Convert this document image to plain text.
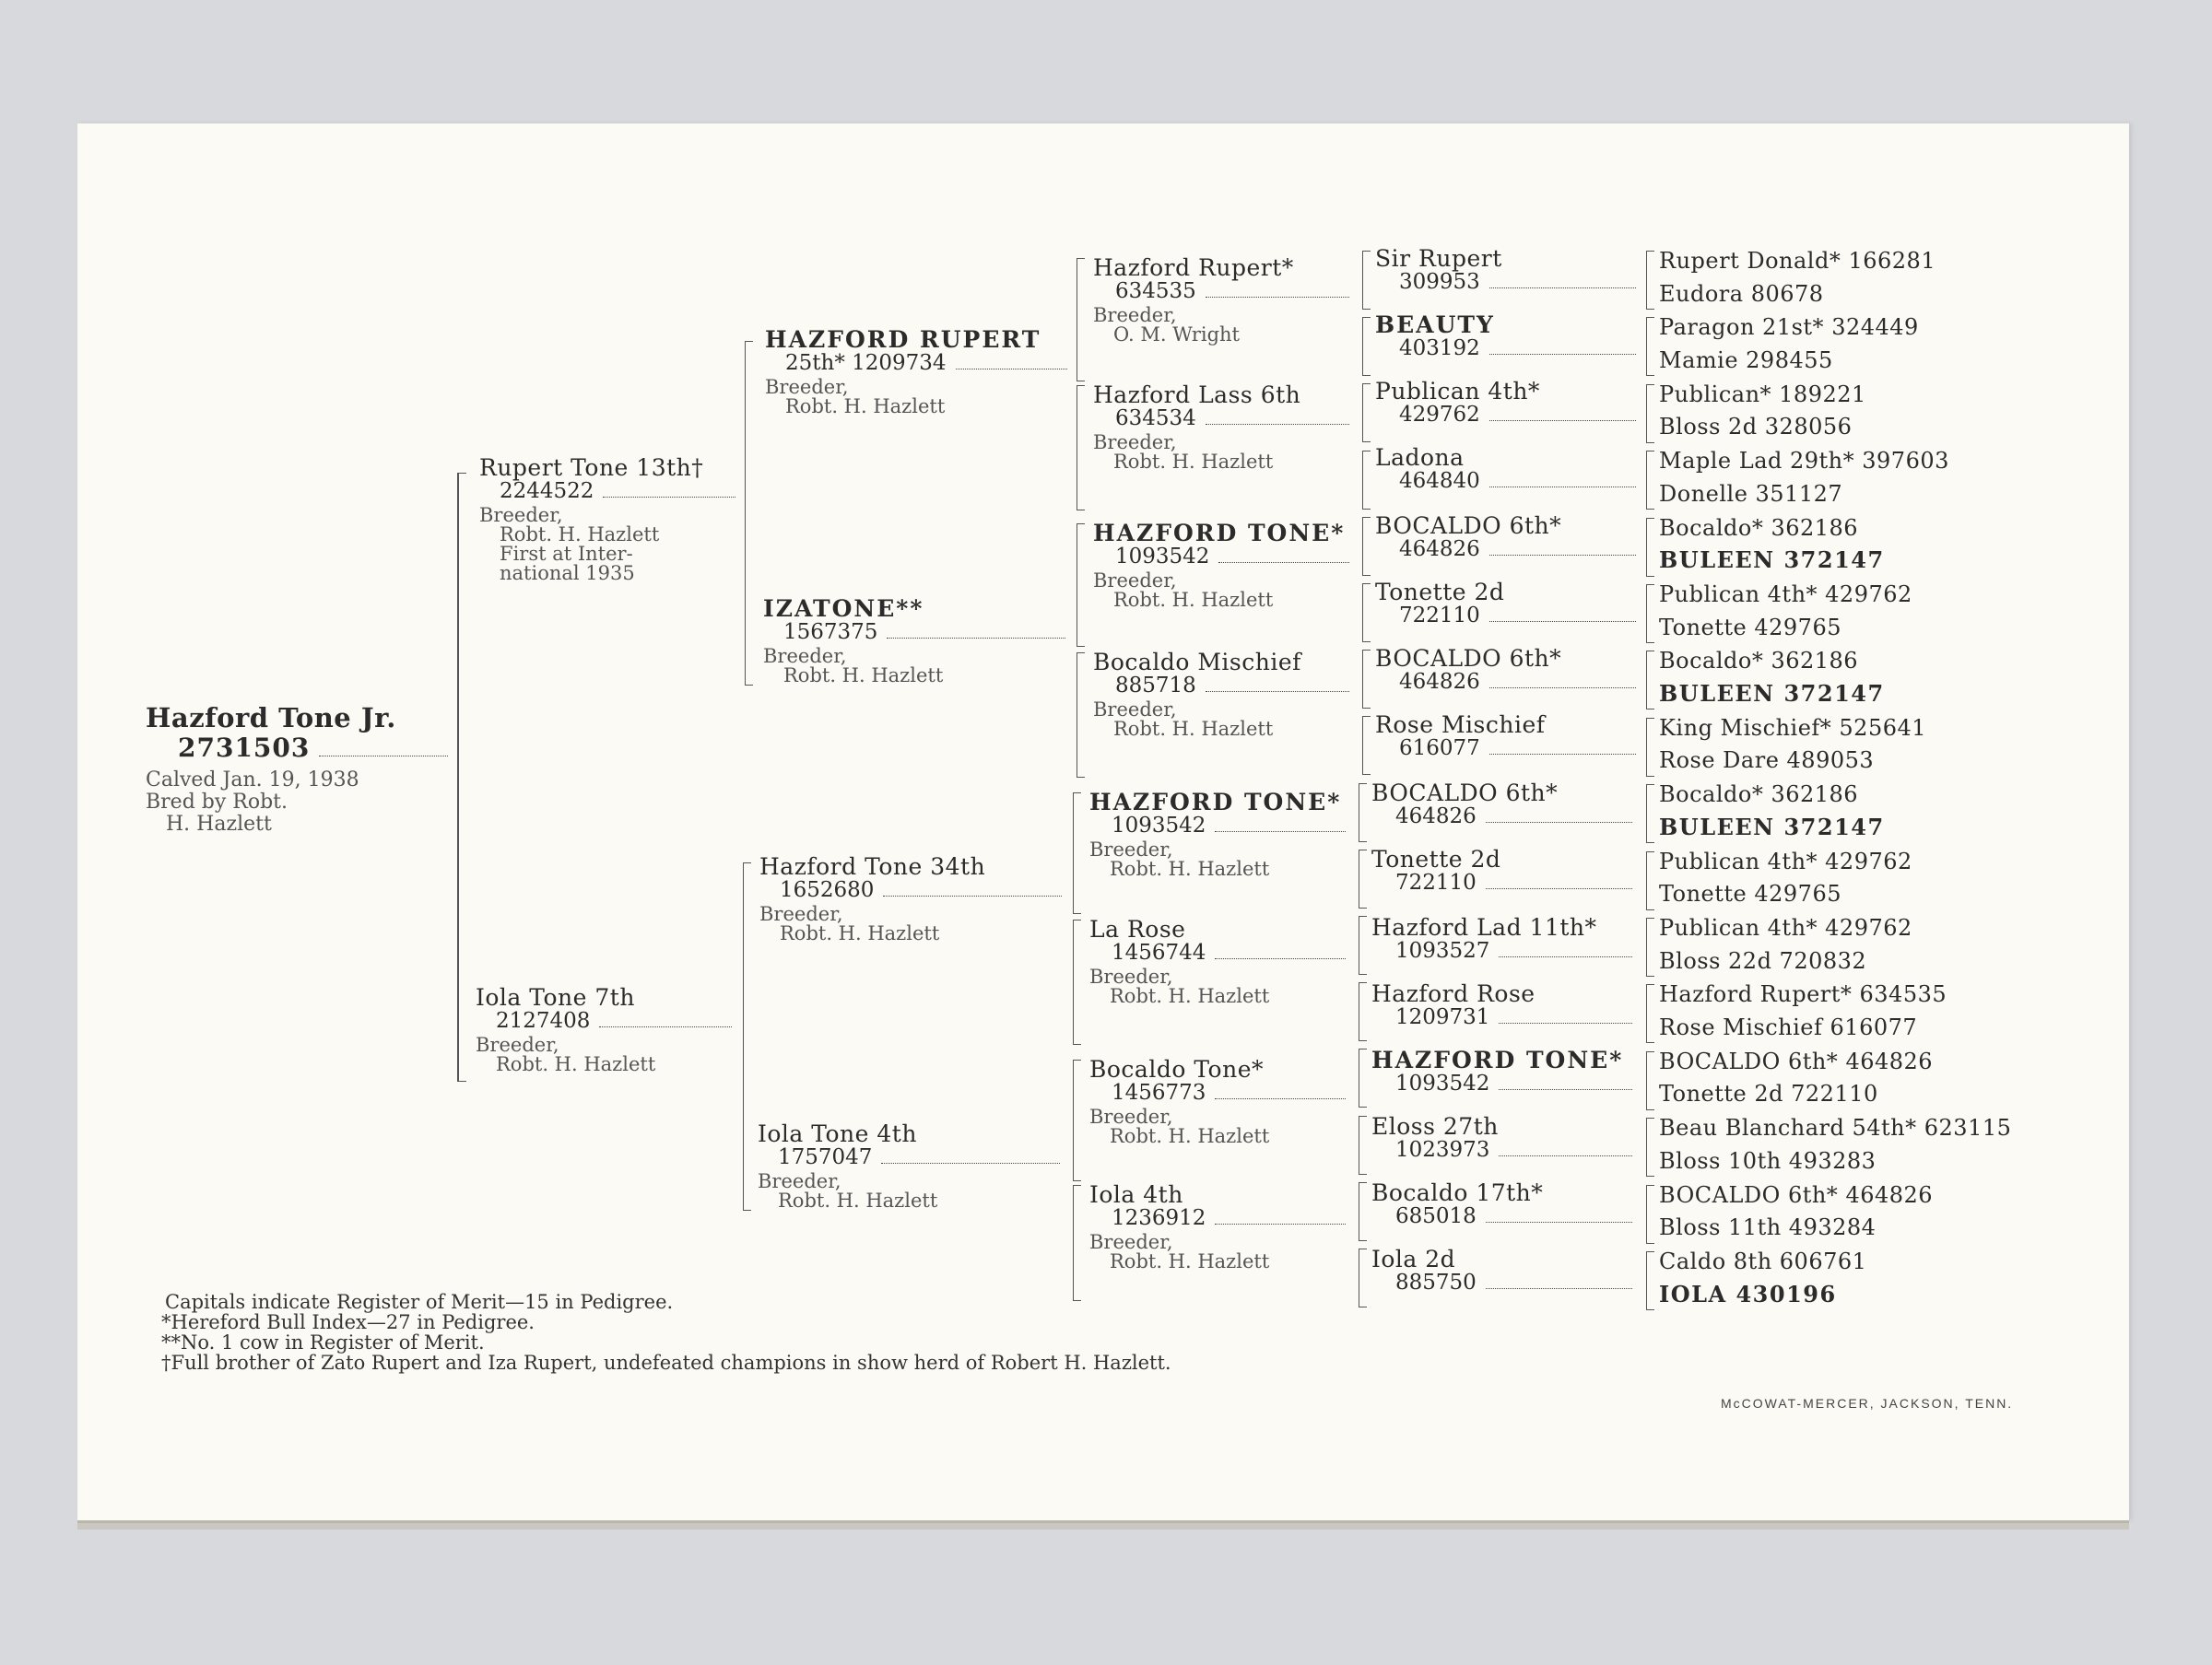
Hazford Tone Jr.
2731503
Calved Jan. 19, 1938
Bred by Robt.
H. Hazlett
Rupert Tone 13th†
2244522
Breeder,
Robt. H. Hazlett
First at Inter-
national 1935
Iola Tone 7th
2127408
Breeder,
Robt. H. Hazlett
HAZFORD RUPERT
25th* 1209734
Breeder,
Robt. H. Hazlett
IZATONE**
1567375
Breeder,
Robt. H. Hazlett
Hazford Tone 34th
1652680
Breeder,
Robt. H. Hazlett
Iola Tone 4th
1757047
Breeder,
Robt. H. Hazlett
Hazford Rupert*
634535
Breeder,
O. M. Wright
Hazford Lass 6th
634534
Breeder,
Robt. H. Hazlett
HAZFORD TONE*
1093542
Breeder,
Robt. H. Hazlett
Bocaldo Mischief
885718
Breeder,
Robt. H. Hazlett
HAZFORD TONE*
1093542
Breeder,
Robt. H. Hazlett
La Rose
1456744
Breeder,
Robt. H. Hazlett
Bocaldo Tone*
1456773
Breeder,
Robt. H. Hazlett
Iola 4th
1236912
Breeder,
Robt. H. Hazlett
Sir Rupert
309953
BEAUTY
403192
Publican 4th*
429762
Ladona
464840
BOCALDO 6th*
464826
Tonette 2d
722110
BOCALDO 6th*
464826
Rose Mischief
616077
BOCALDO 6th*
464826
Tonette 2d
722110
Hazford Lad 11th*
1093527
Hazford Rose
1209731
HAZFORD TONE*
1093542
Eloss 27th
1023973
Bocaldo 17th*
685018
Iola 2d
885750
Rupert Donald* 166281
Eudora 80678
Paragon 21st* 324449
Mamie 298455
Publican* 189221
Bloss 2d 328056
Maple Lad 29th* 397603
Donelle 351127
Bocaldo* 362186
BULEEN 372147
Publican 4th* 429762
Tonette 429765
Bocaldo* 362186
BULEEN 372147
King Mischief* 525641
Rose Dare 489053
Bocaldo* 362186
BULEEN 372147
Publican 4th* 429762
Tonette 429765
Publican 4th* 429762
Bloss 22d 720832
Hazford Rupert* 634535
Rose Mischief 616077
BOCALDO 6th* 464826
Tonette 2d 722110
Beau Blanchard 54th* 623115
Bloss 10th 493283
BOCALDO 6th* 464826
Bloss 11th 493284
Caldo 8th 606761
IOLA 430196
Capitals indicate Register of Merit—15 in Pedigree.
*Hereford Bull Index—27 in Pedigree.
**No. 1 cow in Register of Merit.
†Full brother of Zato Rupert and Iza Rupert, undefeated champions in show herd of Robert H. Hazlett.
McCOWAT-MERCER, JACKSON, TENN.
